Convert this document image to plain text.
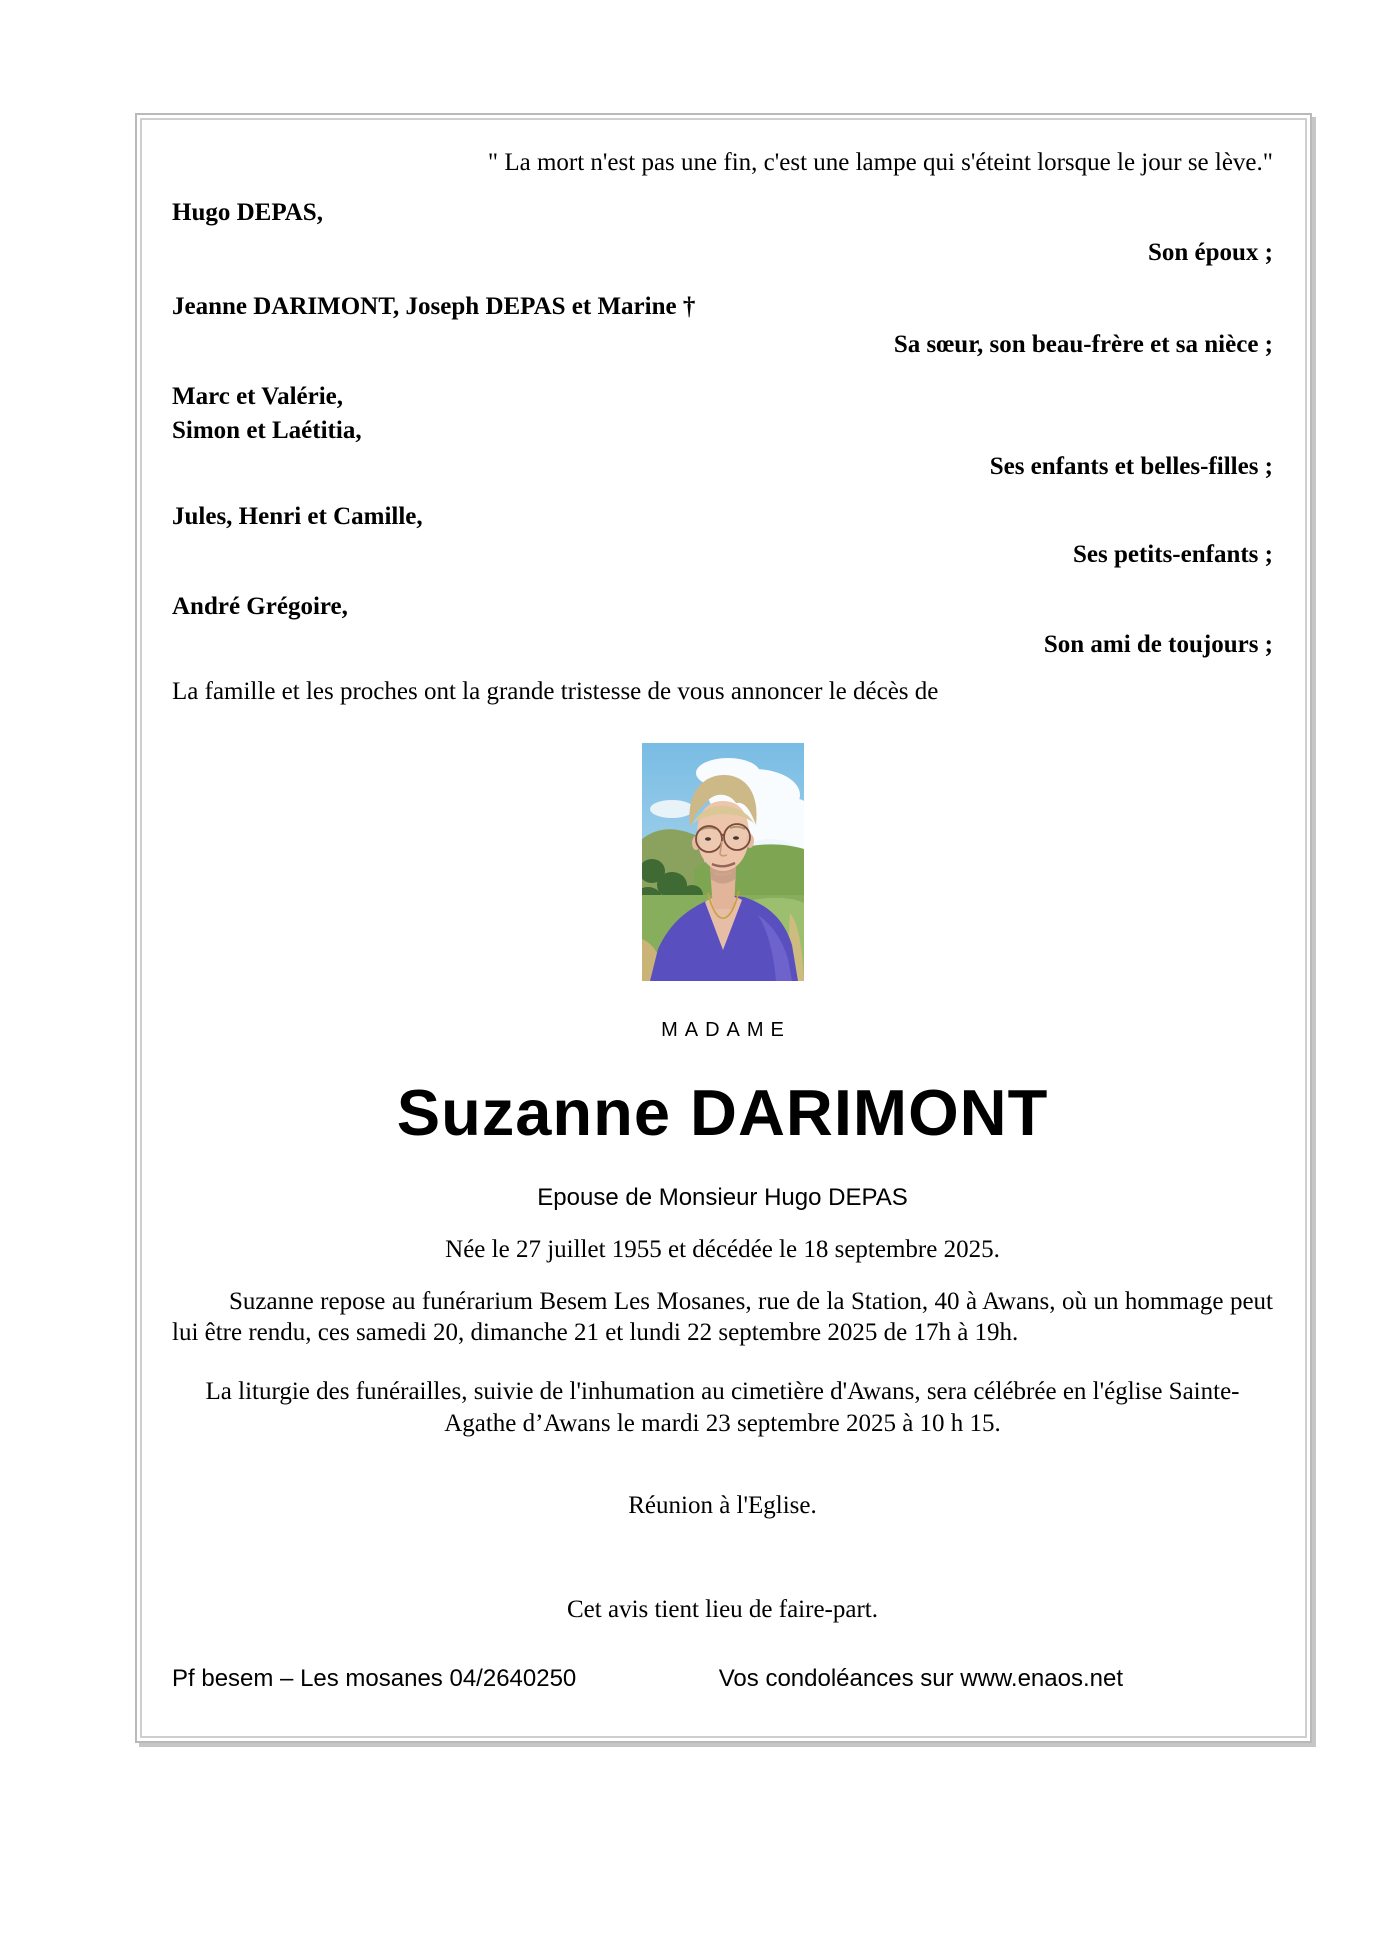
" La mort n'est pas une fin, c'est une lampe qui s'éteint lorsque le jour se lève."
Hugo DEPAS,
Son époux ;
Jeanne DARIMONT, Joseph DEPAS et Marine †
Sa sœur, son beau-frère et sa nièce ;
Marc et Valérie,
Simon et Laétitia,
Ses enfants et belles-filles ;
Jules, Henri et Camille,
Ses petits-enfants ;
André Grégoire,
Son ami de toujours ;
La famille et les proches ont la grande tristesse de vous annoncer le décès de
MADAME
Suzanne DARIMONT
Epouse de Monsieur Hugo DEPAS
Née le 27 juillet 1955 et décédée le 18 septembre 2025.
Suzanne repose au funérarium Besem Les Mosanes, rue de la Station, 40 à Awans, où un hommage peut lui être rendu, ces samedi 20, dimanche 21 et lundi 22 septembre 2025 de 17h à 19h.
La liturgie des funérailles, suivie de l'inhumation au cimetière d'Awans, sera célébrée en l'église Sainte-Agathe d’Awans le mardi 23 septembre 2025 à 10 h 15.
Réunion à l'Eglise.
Cet avis tient lieu de faire-part.
Pf besem – Les mosanes 04/2640250	Vos condoléances sur www.enaos.net
